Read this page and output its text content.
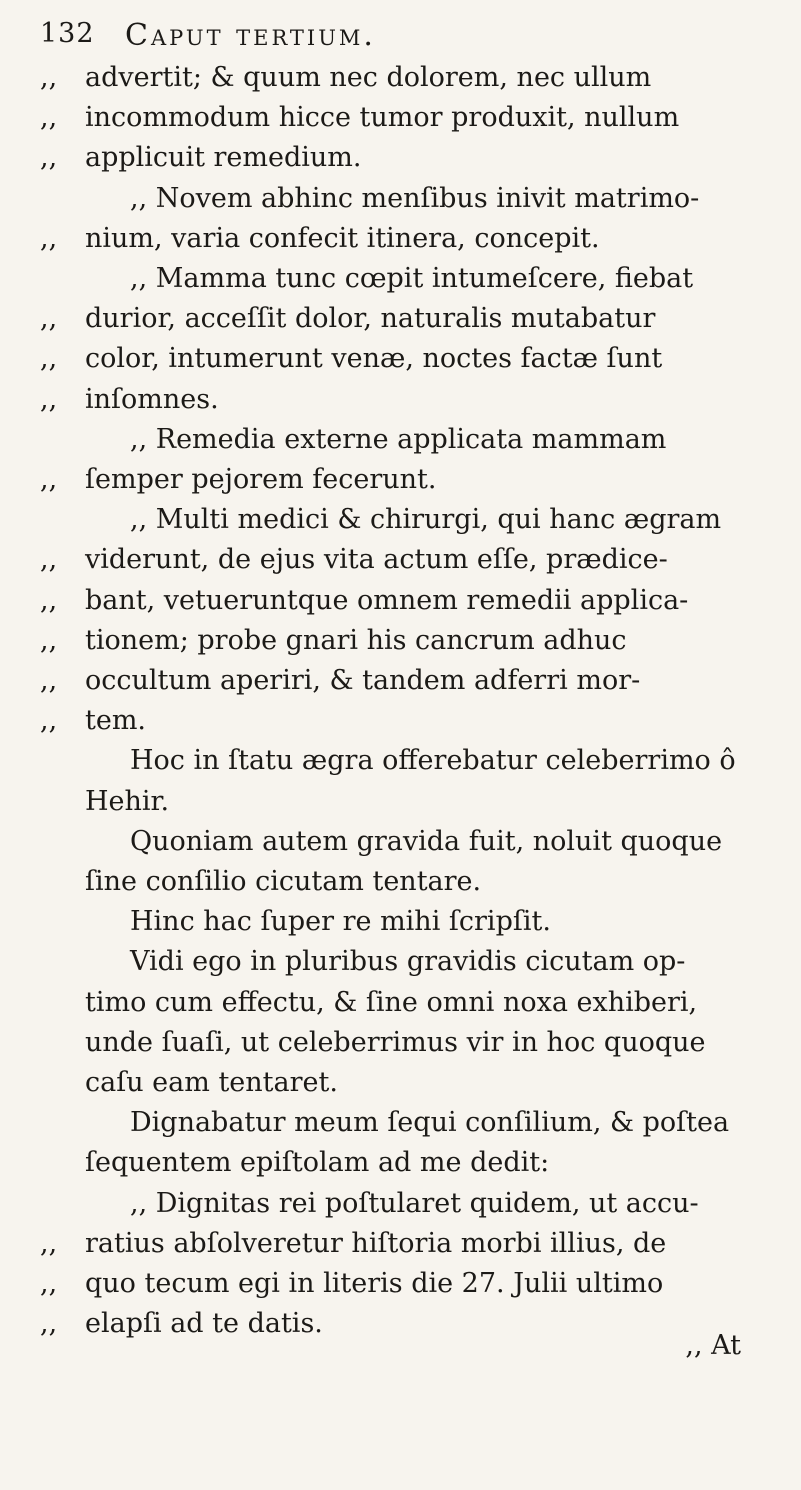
132 Caput tertium.
,, advertit; & quum nec dolorem, nec ullum
,, incommodum hicce tumor produxit, nullum
,, applicuit remedium.
,, Novem abhinc menſibus inivit matrimo-
,, nium, varia confecit itinera, concepit.
,, Mamma tunc cœpit intumeſcere, fiebat
,, durior, acceſſit dolor, naturalis mutabatur
,, color, intumerunt venæ, noctes factæ ſunt
,, inſomnes.
,, Remedia externe applicata mammam
,, ſemper pejorem fecerunt.
,, Multi medici & chirurgi, qui hanc ægram
,, viderunt, de ejus vita actum eſſe, prædice-
,, bant, vetueruntque omnem remedii applica-
,, tionem; probe gnari his cancrum adhuc
,, occultum aperiri, & tandem adferri mor-
,, tem.
Hoc in ſtatu ægra offerebatur celeberrimo ô
Hehir.
Quoniam autem gravida fuit, noluit quoque
ſine conſilio cicutam tentare.
Hinc hac ſuper re mihi ſcripſit.
Vidi ego in pluribus gravidis cicutam op-
timo cum effectu, & ſine omni noxa exhiberi,
unde ſuaſi, ut celeberrimus vir in hoc quoque
caſu eam tentaret.
Dignabatur meum ſequi conſilium, & poſtea
ſequentem epiſtolam ad me dedit:
,, Dignitas rei poſtularet quidem, ut accu-
,, ratius abſolveretur hiſtoria morbi illius, de
,, quo tecum egi in literis die 27. Julii ultimo
,, elapſi ad te datis.
,, At
